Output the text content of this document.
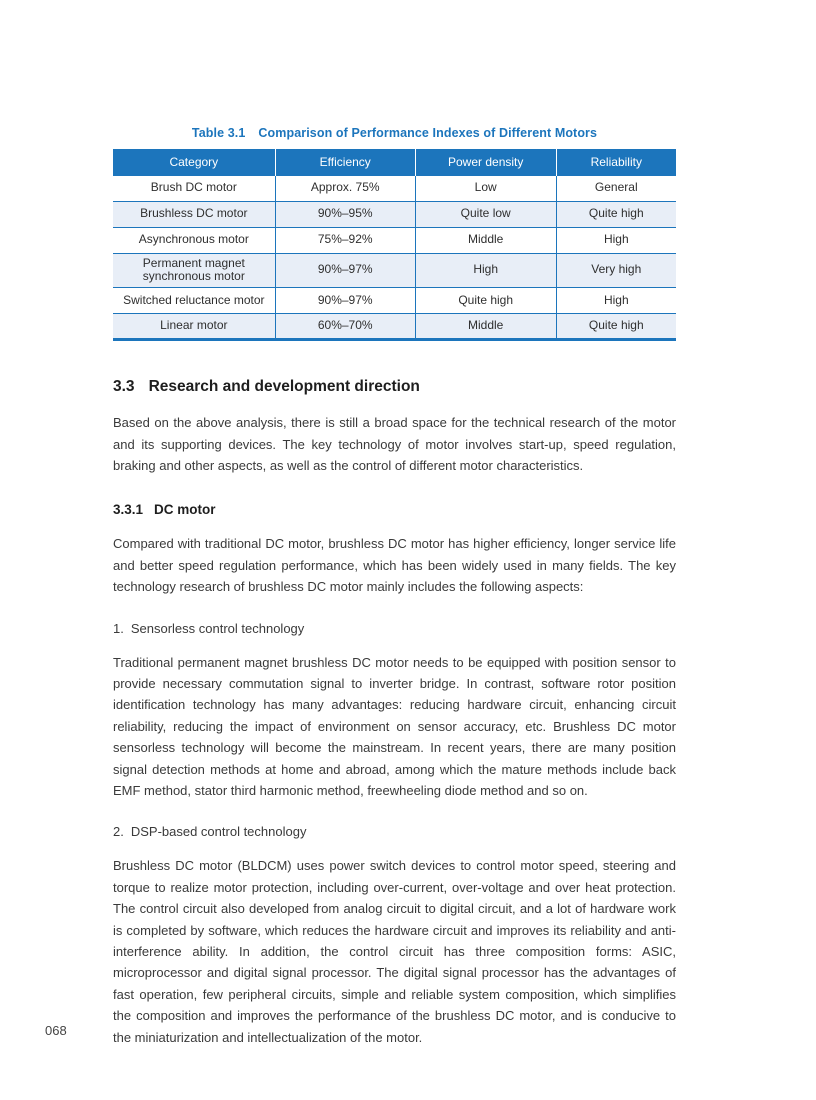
Table 3.1 Comparison of Performance Indexes of Different Motors
Category	Efficiency	Power density	Reliability
Brush DC motor	Approx. 75%	Low	General
Brushless DC motor	90%–95%	Quite low	Quite high
Asynchronous motor	75%–92%	Middle	High
Permanent magnet synchronous motor	90%–97%	High	Very high
Switched reluctance motor	90%–97%	Quite high	High
Linear motor	60%–70%	Middle	Quite high
3.3 Research and development direction

Based on the above analysis, there is still a broad space for the technical research of the motor and its supporting devices. The key technology of motor involves start-up, speed regulation, braking and other aspects, as well as the control of different motor characteristics.

3.3.1 DC motor

Compared with traditional DC motor, brushless DC motor has higher efficiency, longer service life and better speed regulation performance, which has been widely used in many fields. The key technology research of brushless DC motor mainly includes the following aspects:

1. Sensorless control technology

Traditional permanent magnet brushless DC motor needs to be equipped with position sensor to provide necessary commutation signal to inverter bridge. In contrast, software rotor position identification technology has many advantages: reducing hardware circuit, enhancing circuit reliability, reducing the impact of environment on sensor accuracy, etc. Brushless DC motor sensorless technology will become the mainstream. In recent years, there are many position signal detection methods at home and abroad, among which the mature methods include back EMF method, stator third harmonic method, freewheeling diode method and so on.

2. DSP-based control technology

Brushless DC motor (BLDCM) uses power switch devices to control motor speed, steering and torque to realize motor protection, including over-current, over-voltage and over heat protection. The control circuit also developed from analog circuit to digital circuit, and a lot of hardware work is completed by software, which reduces the hardware circuit and improves its reliability and anti-interference ability. In addition, the control circuit has three composition forms: ASIC, microprocessor and digital signal processor. The digital signal processor has the advantages of fast operation, few peripheral circuits, simple and reliable system composition, which simplifies the composition and improves the performance of the brushless DC motor, and is conducive to the miniaturization and intellectualization of the motor.

068
